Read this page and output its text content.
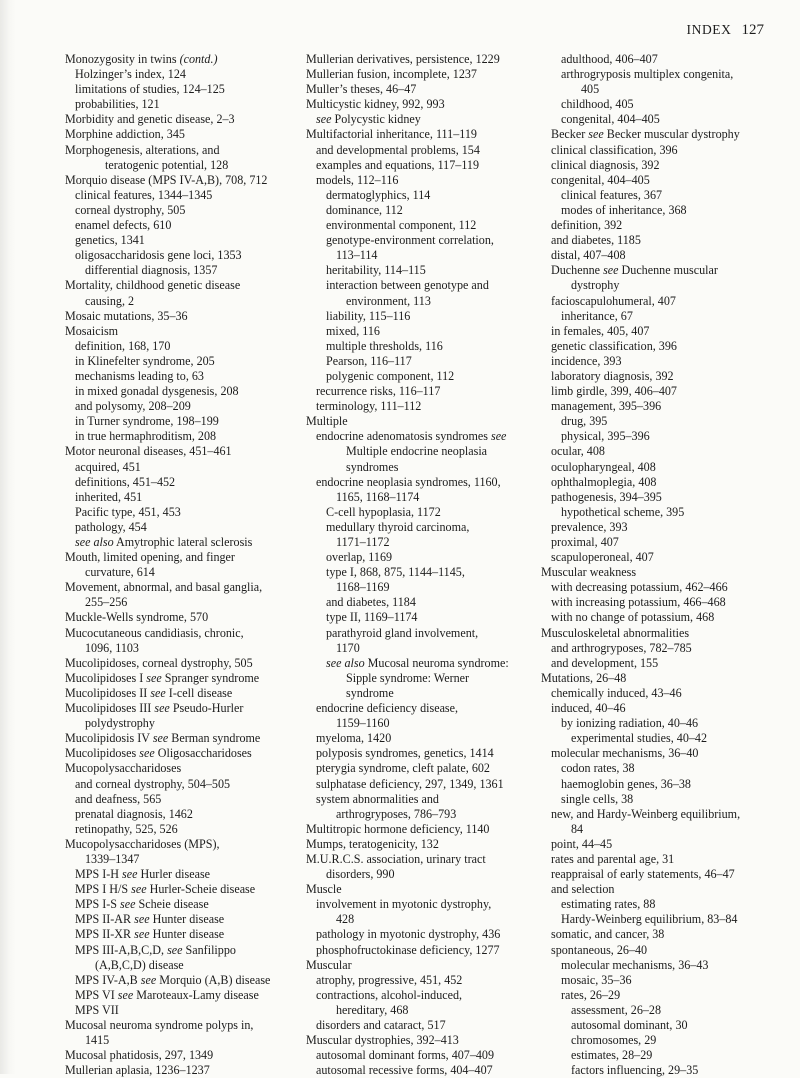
INDEX 127
Monozygosity in twins (contd.)
Holzinger’s index, 124
limitations of studies, 124–125
probabilities, 121
Morbidity and genetic disease, 2–3
Morphine addiction, 345
Morphogenesis, alterations, and
teratogenic potential, 128
Morquio disease (MPS IV-A,B), 708, 712
clinical features, 1344–1345
corneal dystrophy, 505
enamel defects, 610
genetics, 1341
oligosaccharidosis gene loci, 1353
differential diagnosis, 1357
Mortality, childhood genetic disease
causing, 2
Mosaic mutations, 35–36
Mosaicism
definition, 168, 170
in Klinefelter syndrome, 205
mechanisms leading to, 63
in mixed gonadal dysgenesis, 208
and polysomy, 208–209
in Turner syndrome, 198–199
in true hermaphroditism, 208
Motor neuronal diseases, 451–461
acquired, 451
definitions, 451–452
inherited, 451
Pacific type, 451, 453
pathology, 454
see also Amytrophic lateral sclerosis
Mouth, limited opening, and finger
curvature, 614
Movement, abnormal, and basal ganglia,
255–256
Muckle-Wells syndrome, 570
Mucocutaneous candidiasis, chronic,
1096, 1103
Mucolipidoses, corneal dystrophy, 505
Mucolipidoses I see Spranger syndrome
Mucolipidoses II see I-cell disease
Mucolipidoses III see Pseudo-Hurler
polydystrophy
Mucolipidosis IV see Berman syndrome
Mucolipidoses see Oligosaccharidoses
Mucopolysaccharidoses
and corneal dystrophy, 504–505
and deafness, 565
prenatal diagnosis, 1462
retinopathy, 525, 526
Mucopolysaccharidoses (MPS),
1339–1347
MPS I-H see Hurler disease
MPS I H/S see Hurler-Scheie disease
MPS I-S see Scheie disease
MPS II-AR see Hunter disease
MPS II-XR see Hunter disease
MPS III-A,B,C,D, see Sanfilippo
(A,B,C,D) disease
MPS IV-A,B see Morquio (A,B) disease
MPS VI see Maroteaux-Lamy disease
MPS VII
Mucosal neuroma syndrome polyps in,
1415
Mucosal phatidosis, 297, 1349
Mullerian aplasia, 1236–1237
Mullerian derivatives, persistence, 1229
Mullerian fusion, incomplete, 1237
Muller’s theses, 46–47
Multicystic kidney, 992, 993
see Polycystic kidney
Multifactorial inheritance, 111–119
and developmental problems, 154
examples and equations, 117–119
models, 112–116
dermatoglyphics, 114
dominance, 112
environmental component, 112
genotype-environment correlation,
113–114
heritability, 114–115
interaction between genotype and
environment, 113
liability, 115–116
mixed, 116
multiple thresholds, 116
Pearson, 116–117
polygenic component, 112
recurrence risks, 116–117
terminology, 111–112
Multiple
endocrine adenomatosis syndromes see
Multiple endocrine neoplasia
syndromes
endocrine neoplasia syndromes, 1160,
1165, 1168–1174
C-cell hypoplasia, 1172
medullary thyroid carcinoma,
1171–1172
overlap, 1169
type I, 868, 875, 1144–1145,
1168–1169
and diabetes, 1184
type II, 1169–1174
parathyroid gland involvement,
1170
see also Mucosal neuroma syndrome:
Sipple syndrome: Werner
syndrome
endocrine deficiency disease,
1159–1160
myeloma, 1420
polyposis syndromes, genetics, 1414
pterygia syndrome, cleft palate, 602
sulphatase deficiency, 297, 1349, 1361
system abnormalities and
arthrogryposes, 786–793
Multitropic hormone deficiency, 1140
Mumps, teratogenicity, 132
M.U.R.C.S. association, urinary tract
disorders, 990
Muscle
involvement in myotonic dystrophy,
428
pathology in myotonic dystrophy, 436
phosphofructokinase deficiency, 1277
Muscular
atrophy, progressive, 451, 452
contractions, alcohol-induced,
hereditary, 468
disorders and cataract, 517
Muscular dystrophies, 392–413
autosomal dominant forms, 407–409
autosomal recessive forms, 404–407
adulthood, 406–407
arthrogryposis multiplex congenita,
405
childhood, 405
congenital, 404–405
Becker see Becker muscular dystrophy
clinical classification, 396
clinical diagnosis, 392
congenital, 404–405
clinical features, 367
modes of inheritance, 368
definition, 392
and diabetes, 1185
distal, 407–408
Duchenne see Duchenne muscular
dystrophy
facioscapulohumeral, 407
inheritance, 67
in females, 405, 407
genetic classification, 396
incidence, 393
laboratory diagnosis, 392
limb girdle, 399, 406–407
management, 395–396
drug, 395
physical, 395–396
ocular, 408
oculopharyngeal, 408
ophthalmoplegia, 408
pathogenesis, 394–395
hypothetical scheme, 395
prevalence, 393
proximal, 407
scapuloperoneal, 407
Muscular weakness
with decreasing potassium, 462–466
with increasing potassium, 466–468
with no change of potassium, 468
Musculoskeletal abnormalities
and arthrogryposes, 782–785
and development, 155
Mutations, 26–48
chemically induced, 43–46
induced, 40–46
by ionizing radiation, 40–46
experimental studies, 40–42
molecular mechanisms, 36–40
codon rates, 38
haemoglobin genes, 36–38
single cells, 38
new, and Hardy-Weinberg equilibrium,
84
point, 44–45
rates and parental age, 31
reappraisal of early statements, 46–47
and selection
estimating rates, 88
Hardy-Weinberg equilibrium, 83–84
somatic, and cancer, 38
spontaneous, 26–40
molecular mechanisms, 36–43
mosaic, 35–36
rates, 26–29
assessment, 26–28
autosomal dominant, 30
chromosomes, 29
estimates, 28–29
factors influencing, 29–35
